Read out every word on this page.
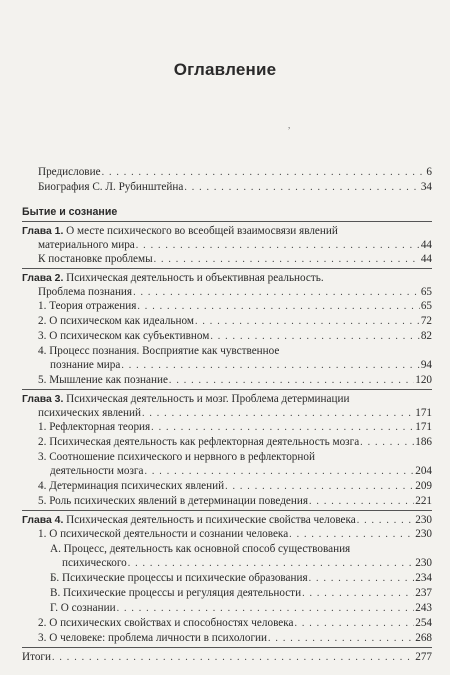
Оглавление
,
Предисловие . . .	6
Биография С. Л. Рубинштейна . . .	34
Бытие и сознание
Глава 1. О месте психического во всеобщей взаимосвязи явлений
материального мира . . .	44
К постановке проблемы . . .	44
Глава 2. Психическая деятельность и объективная реальность.
Проблема познания . . .	65
1. Теория отражения . . .	65
2. О психическом как идеальном . . .	72
3. О психическом как субъективном . . .	82
4. Процесс познания. Восприятие как чувственное
познание мира . . .	94
5. Мышление как познание . . .	120
Глава 3. Психическая деятельность и мозг. Проблема детерминации
психических явлений . . .	171
1. Рефлекторная теория . . .	171
2. Психическая деятельность как рефлекторная деятельность мозга . . .	186
3. Соотношение психического и нервного в рефлекторной
деятельности мозга . . .	204
4. Детерминация психических явлений . . .	209
5. Роль психических явлений в детерминации поведения . . .	221
Глава 4. Психическая деятельность и психические свойства человека . . .	230
1. О психической деятельности и сознании человека . . .	230
А. Процесс, деятельность как основной способ существования
психического . . .	230
Б. Психические процессы и психические образования . . .	234
В. Психические процессы и регуляция деятельности . . .	237
Г. О сознании . . .	243
2. О психических свойствах и способностях человека . . .	254
3. О человеке: проблема личности в психологии . . .	268
Итоги . . .	277
